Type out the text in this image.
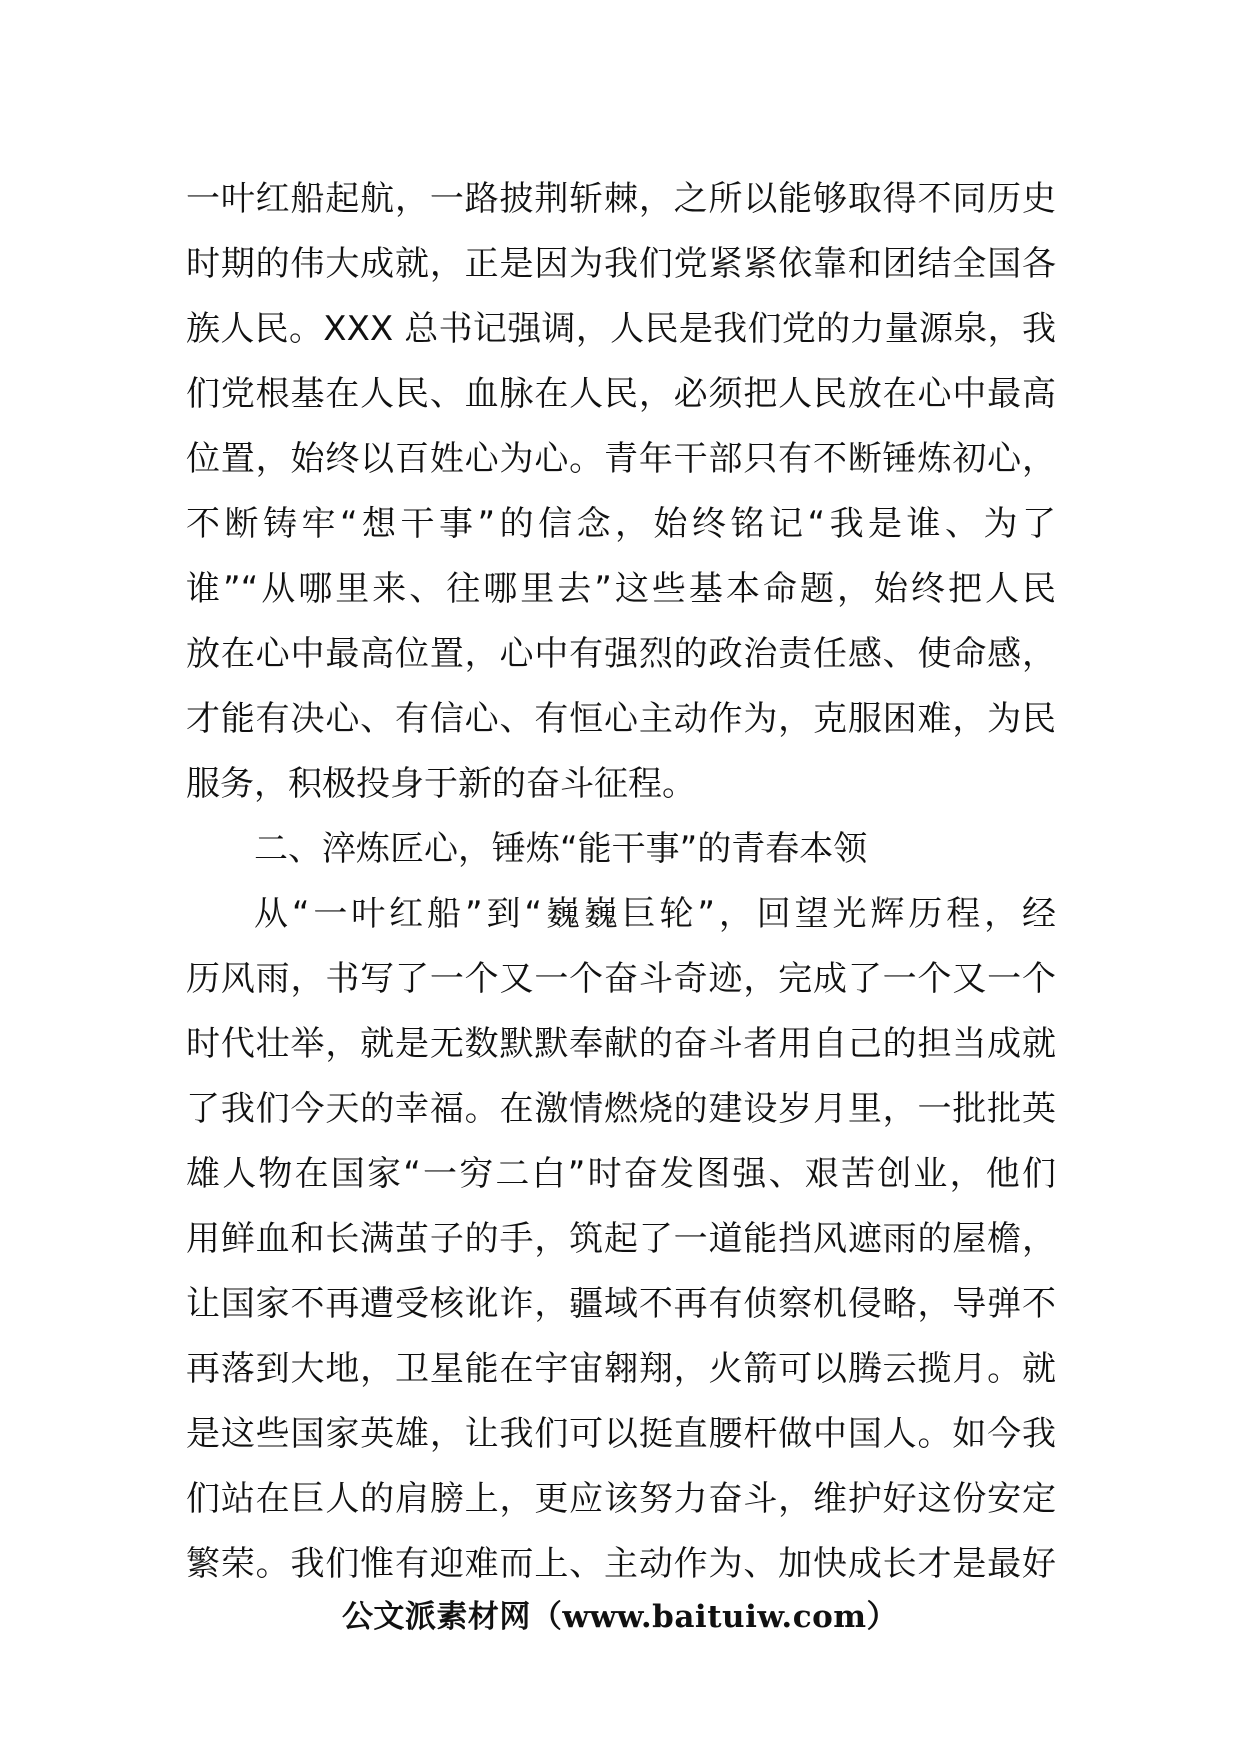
一叶红船起航，一路披荆斩棘，之所以能够取得不同历史
时期的伟大成就，正是因为我们党紧紧依靠和团结全国各
族人民。XXX 总书记强调，人民是我们党的力量源泉，我
们党根基在人民、血脉在人民，必须把人民放在心中最高
位置，始终以百姓心为心。青年干部只有不断锤炼初心，
不断铸牢“想干事”的信念，始终铭记“我是谁、为了
谁”“从哪里来、往哪里去”这些基本命题，始终把人民
放在心中最高位置，心中有强烈的政治责任感、使命感，
才能有决心、有信心、有恒心主动作为，克服困难，为民
服务，积极投身于新的奋斗征程。
二、淬炼匠心，锤炼“能干事”的青春本领
从“一叶红船”到“巍巍巨轮”，回望光辉历程，经
历风雨，书写了一个又一个奋斗奇迹，完成了一个又一个
时代壮举，就是无数默默奉献的奋斗者用自己的担当成就
了我们今天的幸福。在激情燃烧的建设岁月里，一批批英
雄人物在国家“一穷二白”时奋发图强、艰苦创业，他们
用鲜血和长满茧子的手，筑起了一道能挡风遮雨的屋檐，
让国家不再遭受核讹诈，疆域不再有侦察机侵略，导弹不
再落到大地，卫星能在宇宙翱翔，火箭可以腾云揽月。就
是这些国家英雄，让我们可以挺直腰杆做中国人。如今我
们站在巨人的肩膀上，更应该努力奋斗，维护好这份安定
繁荣。我们惟有迎难而上、主动作为、加快成长才是最好
公文派素材网（www.baituiw.com）
